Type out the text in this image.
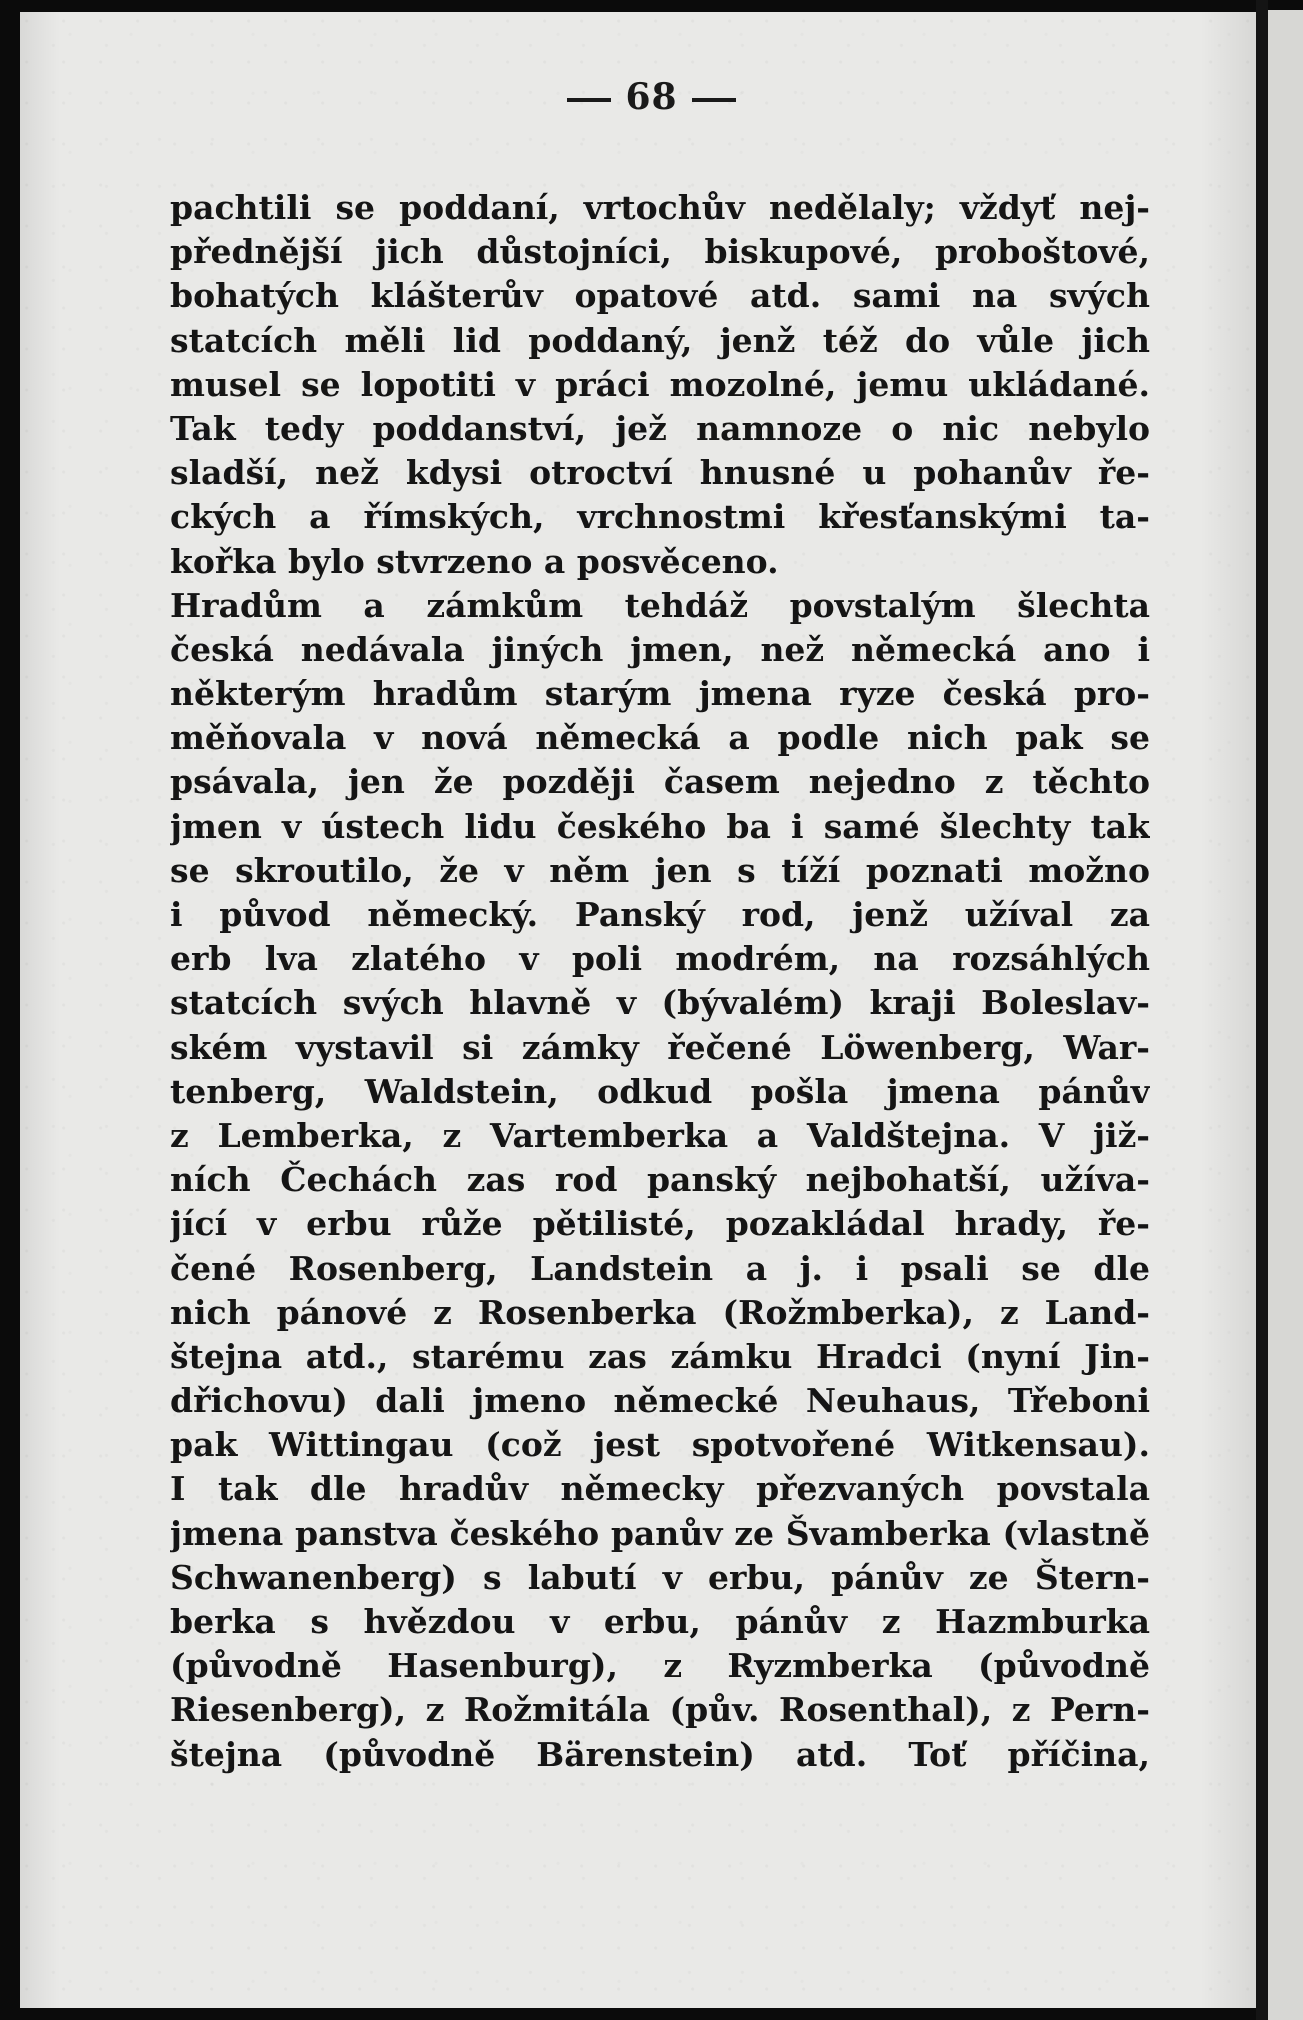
68
pachtili se poddaní, vrtochův nedělaly; vždyť nej-
přednější jich důstojníci, biskupové, proboštové,
bohatých klášterův opatové atd. sami na svých
statcích měli lid poddaný, jenž též do vůle jich
musel se lopotiti v práci mozolné, jemu ukládané.
Tak tedy poddanství, jež namnoze o nic nebylo
sladší, než kdysi otroctví hnusné u pohanův ře-
ckých a římských, vrchnostmi křesťanskými ta-
kořka bylo stvrzeno a posvěceno.
Hradům a zámkům tehdáž povstalým šlechta
česká nedávala jiných jmen, než německá ano i
některým hradům starým jmena ryze česká pro-
měňovala v nová německá a podle nich pak se
psávala, jen že později časem nejedno z těchto
jmen v ústech lidu českého ba i samé šlechty tak
se skroutilo, že v něm jen s tíží poznati možno
i původ německý. Panský rod, jenž užíval za
erb lva zlatého v poli modrém, na rozsáhlých
statcích svých hlavně v (bývalém) kraji Boleslav-
ském vystavil si zámky řečené Löwenberg, War-
tenberg, Waldstein, odkud pošla jmena pánův
z Lemberka, z Vartemberka a Valdštejna. V již-
ních Čechách zas rod panský nejbohatší, užíva-
jící v erbu růže pětilisté, pozakládal hrady, ře-
čené Rosenberg, Landstein a j. i psali se dle
nich pánové z Rosenberka (Rožmberka), z Land-
štejna atd., starému zas zámku Hradci (nyní Jin-
dřichovu) dali jmeno německé Neuhaus, Třeboni
pak Wittingau (což jest spotvořené Witkensau).
I tak dle hradův německy přezvaných povstala
jmena panstva českého panův ze Švamberka (vlastně
Schwanenberg) s labutí v erbu, pánův ze Štern-
berka s hvězdou v erbu, pánův z Hazmburka
(původně Hasenburg), z Ryzmberka (původně
Riesenberg), z Rožmitála (pův. Rosenthal), z Pern-
štejna (původně Bärenstein) atd. Toť příčina,
